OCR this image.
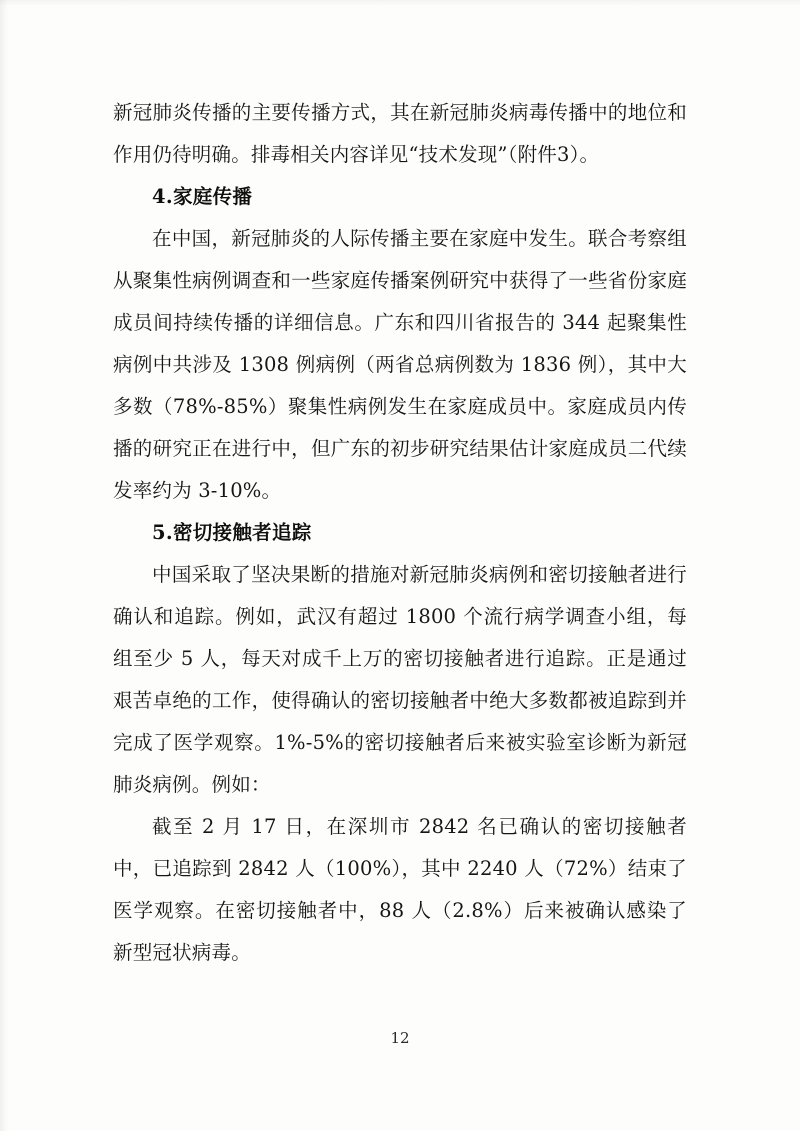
新冠肺炎传播的主要传播方式，其在新冠肺炎病毒传播中的地位和作用仍待明确。排毒相关内容详见“技术发现”（附件3）。

4.家庭传播

在中国，新冠肺炎的人际传播主要在家庭中发生。联合考察组从聚集性病例调查和一些家庭传播案例研究中获得了一些省份家庭成员间持续传播的详细信息。广东和四川省报告的 344 起聚集性病例中共涉及 1308 例病例（两省总病例数为 1836 例），其中大多数（78%-85%）聚集性病例发生在家庭成员中。家庭成员内传播的研究正在进行中，但广东的初步研究结果估计家庭成员二代续发率约为 3-10%。

5.密切接触者追踪

中国采取了坚决果断的措施对新冠肺炎病例和密切接触者进行确认和追踪。例如，武汉有超过 1800 个流行病学调查小组，每组至少 5 人，每天对成千上万的密切接触者进行追踪。正是通过艰苦卓绝的工作，使得确认的密切接触者中绝大多数都被追踪到并完成了医学观察。1%-5%的密切接触者后来被实验室诊断为新冠肺炎病例。例如：

截至 2 月 17 日，在深圳市 2842 名已确认的密切接触者中，已追踪到 2842 人（100%），其中 2240 人（72%）结束了医学观察。在密切接触者中，88 人（2.8%）后来被确认感染了新型冠状病毒。

12
